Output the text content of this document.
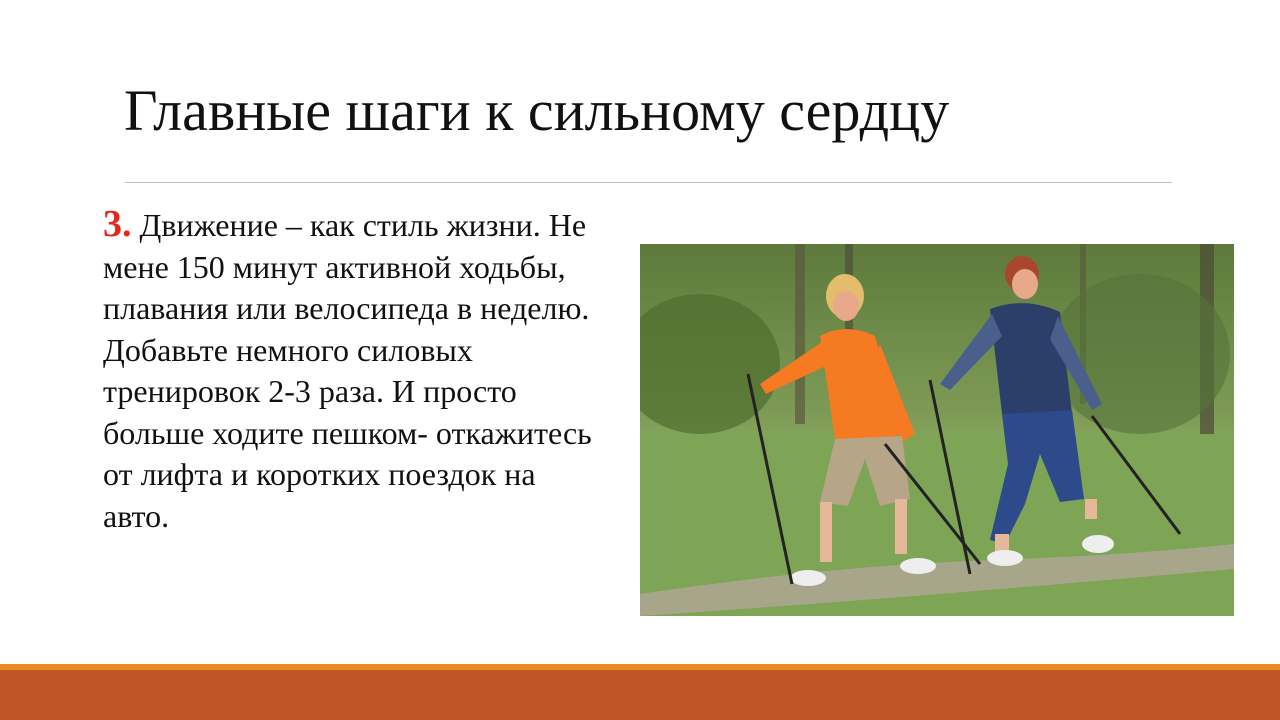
Главные шаги к сильному сердцу
3. Движение – как стиль жизни. Не мене 150 минут активной ходьбы, плавания или велосипеда в неделю. Добавьте немного силовых тренировок 2-3 раза. И просто больше ходите пешком- откажитесь от лифта и коротких поездок на авто.
